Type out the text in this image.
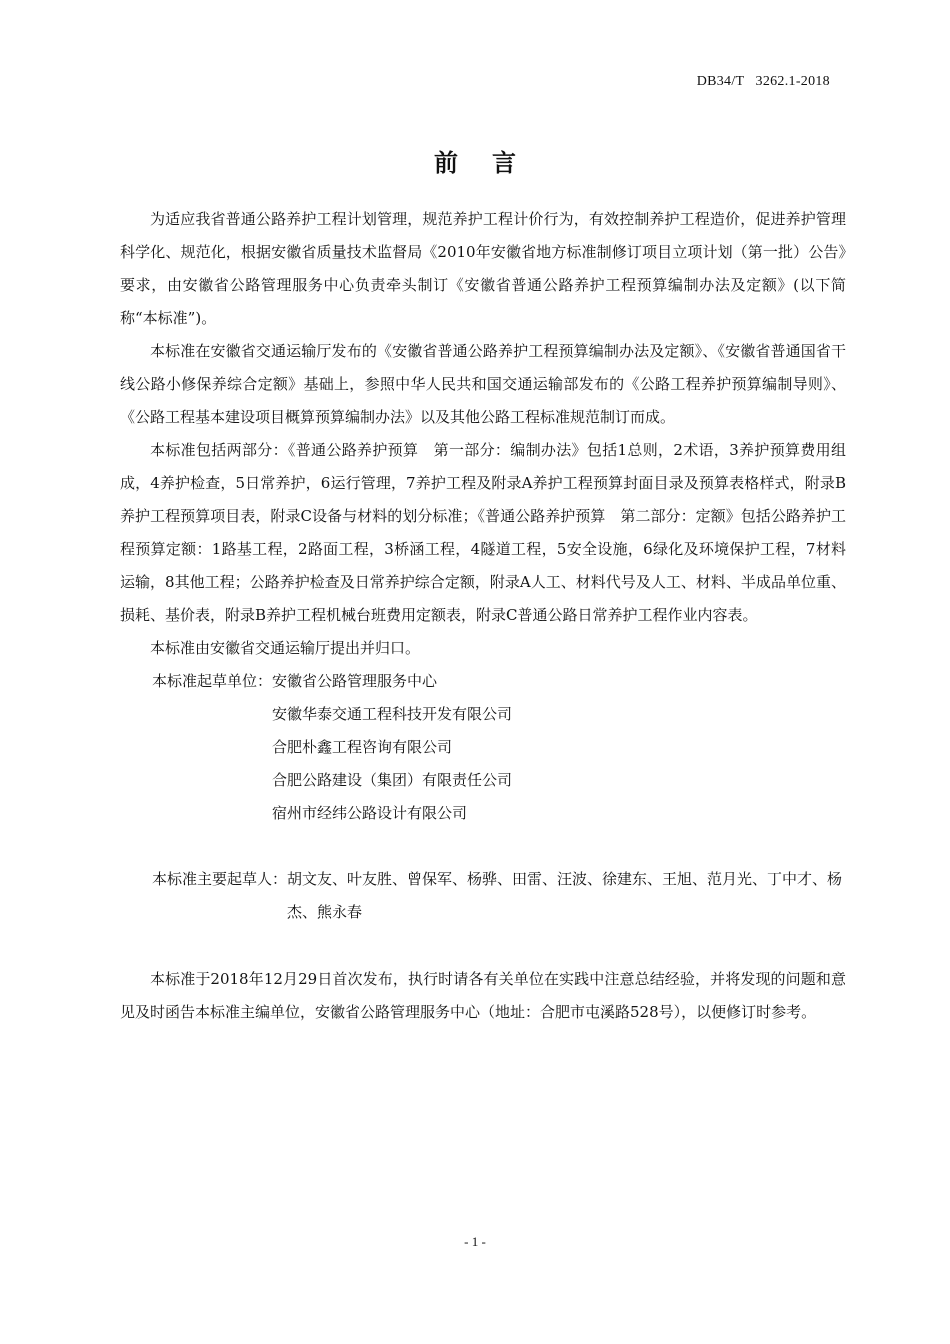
DB34/T   3262.1-2018
前言

为适应我省普通公路养护工程计划管理，规范养护工程计价行为，有效控制养护工程造价，促进养护管理科学化、规范化，根据安徽省质量技术监督局《2010年安徽省地方标准制修订项目立项计划（第一批）公告》要求，由安徽省公路管理服务中心负责牵头制订《安徽省普通公路养护工程预算编制办法及定额》(以下简称“本标准”)。

本标准在安徽省交通运输厅发布的《安徽省普通公路养护工程预算编制办法及定额》、《安徽省普通国省干线公路小修保养综合定额》基础上，参照中华人民共和国交通运输部发布的《公路工程养护预算编制导则》、《公路工程基本建设项目概算预算编制办法》以及其他公路工程标准规范制订而成。

本标准包括两部分：《普通公路养护预算　第一部分：编制办法》包括1总则，2术语，3养护预算费用组成，4养护检查，5日常养护，6运行管理，7养护工程及附录A养护工程预算封面目录及预算表格样式，附录B养护工程预算项目表，附录C设备与材料的划分标准；《普通公路养护预算　第二部分：定额》包括公路养护工程预算定额：1路基工程，2路面工程，3桥涵工程，4隧道工程，5安全设施，6绿化及环境保护工程，7材料运输，8其他工程；公路养护检查及日常养护综合定额，附录A人工、材料代号及人工、材料、半成品单位重、损耗、基价表，附录B养护工程机械台班费用定额表，附录C普通公路日常养护工程作业内容表。

本标准由安徽省交通运输厅提出并归口。

本标准起草单位： 安徽省公路管理服务中心
安徽华泰交通工程科技开发有限公司
合肥朴鑫工程咨询有限公司
合肥公路建设（集团）有限责任公司
宿州市经纬公路设计有限公司
本标准主要起草人： 胡文友、叶友胜、曾保军、杨骅、田雷、汪波、徐建东、王旭、范月光、丁中才、杨杰、熊永春

本标准于2018年12月29日首次发布，执行时请各有关单位在实践中注意总结经验，并将发现的问题和意见及时函告本标准主编单位，安徽省公路管理服务中心（地址：合肥市屯溪路528号），以便修订时参考。

- 1 -
